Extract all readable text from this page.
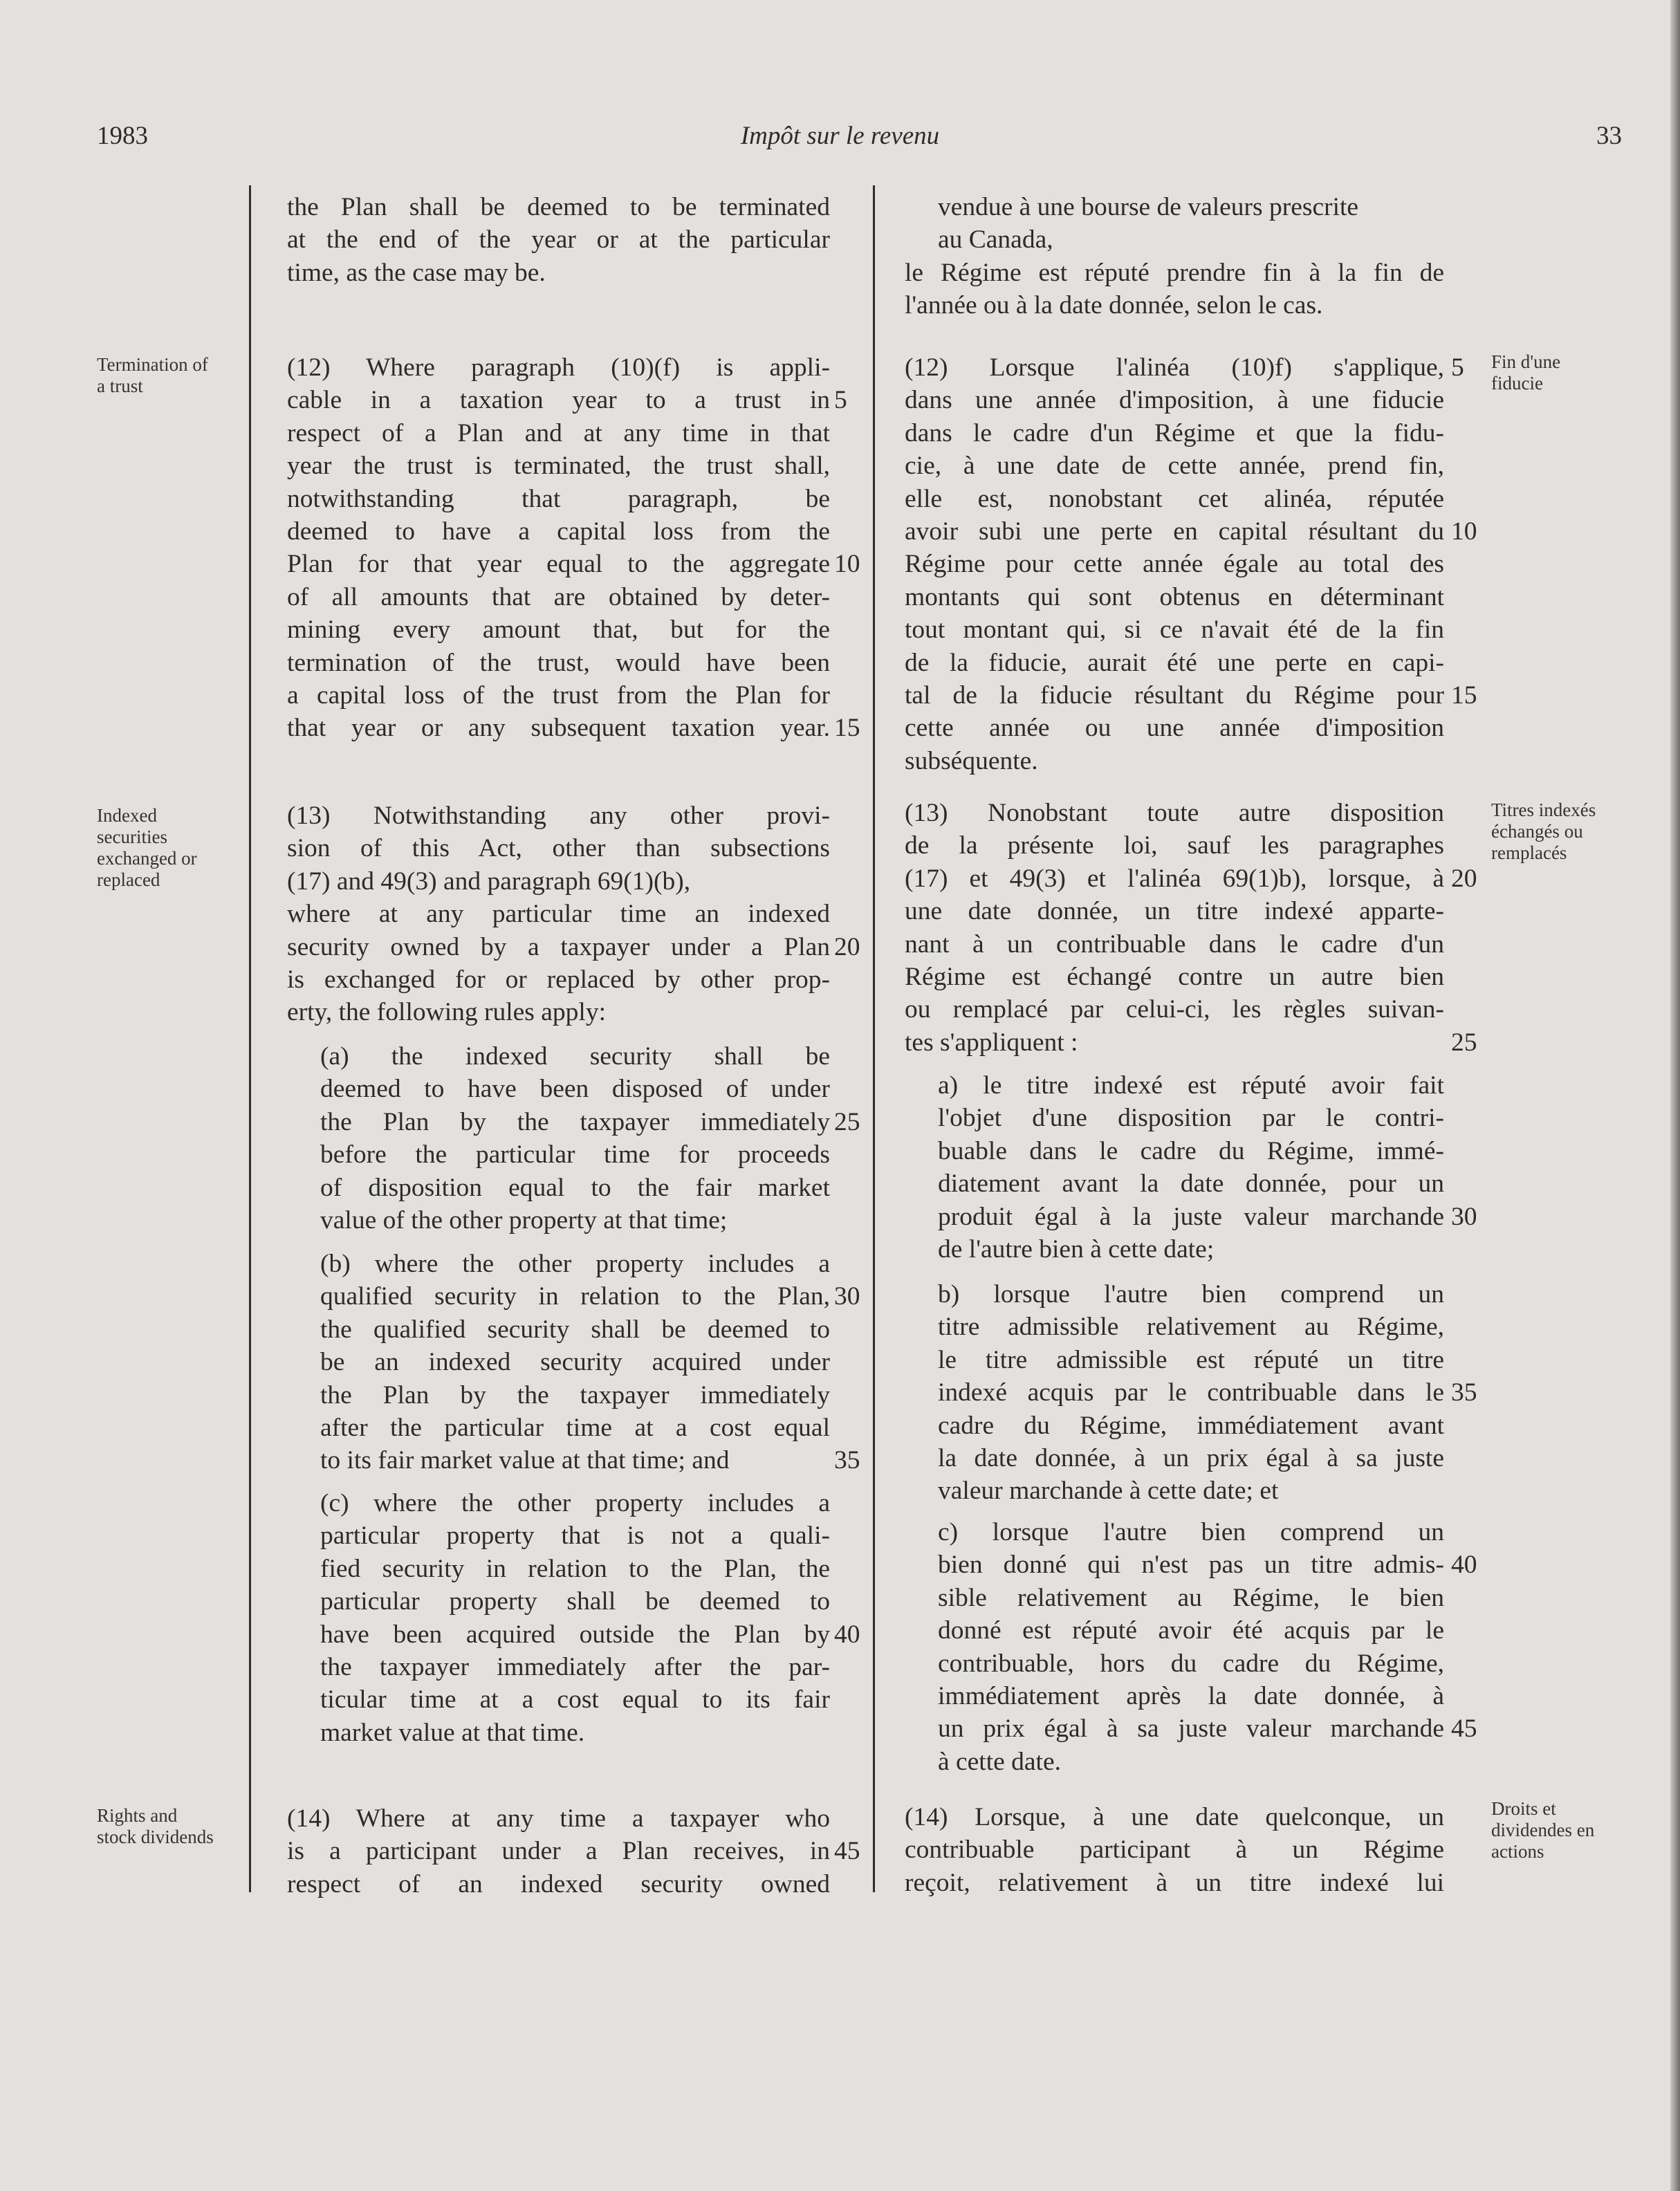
1983	Impôt sur le revenu	33
Termination of
a trust
Indexed
securities
exchanged or
replaced
Rights and
stock dividends
Fin d'une
fiducie
Titres indexés
échangés ou
remplacés
Droits et
dividendes en
actions
the Plan shall be deemed to be terminated
at the end of the year or at the particular
time, as the case may be.
(12) Where paragraph (10)(f) is appli-
cable in a taxation year to a trust in 5
respect of a Plan and at any time in that
year the trust is terminated, the trust shall,
notwithstanding that paragraph, be
deemed to have a capital loss from the
Plan for that year equal to the aggregate 10
of all amounts that are obtained by deter-
mining every amount that, but for the
termination of the trust, would have been
a capital loss of the trust from the Plan for
that year or any subsequent taxation year. 15
(13) Notwithstanding any other provi-
sion of this Act, other than subsections
(17) and 49(3) and paragraph 69(1)(b),
where at any particular time an indexed
security owned by a taxpayer under a Plan 20
is exchanged for or replaced by other prop-
erty, the following rules apply:
(a) the indexed security shall be
deemed to have been disposed of under
the Plan by the taxpayer immediately 25
before the particular time for proceeds
of disposition equal to the fair market
value of the other property at that time;
(b) where the other property includes a
qualified security in relation to the Plan, 30
the qualified security shall be deemed to
be an indexed security acquired under
the Plan by the taxpayer immediately
after the particular time at a cost equal
to its fair market value at that time; and	35
(c) where the other property includes a
particular property that is not a quali-
fied security in relation to the Plan, the
particular property shall be deemed to
have been acquired outside the Plan by 40
the taxpayer immediately after the par-
ticular time at a cost equal to its fair
market value at that time.
(14) Where at any time a taxpayer who
is a participant under a Plan receives, in 45
respect of an indexed security owned
vendue à une bourse de valeurs prescrite
au Canada,
le Régime est réputé prendre fin à la fin de
l'année ou à la date donnée, selon le cas.
(12) Lorsque l'alinéa (10)f) s'applique, 5
dans une année d'imposition, à une fiducie
dans le cadre d'un Régime et que la fidu-
cie, à une date de cette année, prend fin,
elle est, nonobstant cet alinéa, réputée
avoir subi une perte en capital résultant du 10
Régime pour cette année égale au total des
montants qui sont obtenus en déterminant
tout montant qui, si ce n'avait été de la fin
de la fiducie, aurait été une perte en capi-
tal de la fiducie résultant du Régime pour 15
cette année ou une année d'imposition
subséquente.
(13) Nonobstant toute autre disposition
de la présente loi, sauf les paragraphes
(17) et 49(3) et l'alinéa 69(1)b), lorsque, à 20
une date donnée, un titre indexé apparte-
nant à un contribuable dans le cadre d'un
Régime est échangé contre un autre bien
ou remplacé par celui-ci, les règles suivan-
tes s'appliquent :	25
a) le titre indexé est réputé avoir fait
l'objet d'une disposition par le contri-
buable dans le cadre du Régime, immé-
diatement avant la date donnée, pour un
produit égal à la juste valeur marchande 30
de l'autre bien à cette date;
b) lorsque l'autre bien comprend un
titre admissible relativement au Régime,
le titre admissible est réputé un titre
indexé acquis par le contribuable dans le 35
cadre du Régime, immédiatement avant
la date donnée, à un prix égal à sa juste
valeur marchande à cette date; et
c) lorsque l'autre bien comprend un
bien donné qui n'est pas un titre admis- 40
sible relativement au Régime, le bien
donné est réputé avoir été acquis par le
contribuable, hors du cadre du Régime,
immédiatement après la date donnée, à
un prix égal à sa juste valeur marchande 45
à cette date.
(14) Lorsque, à une date quelconque, un
contribuable participant à un Régime
reçoit, relativement à un titre indexé lui
